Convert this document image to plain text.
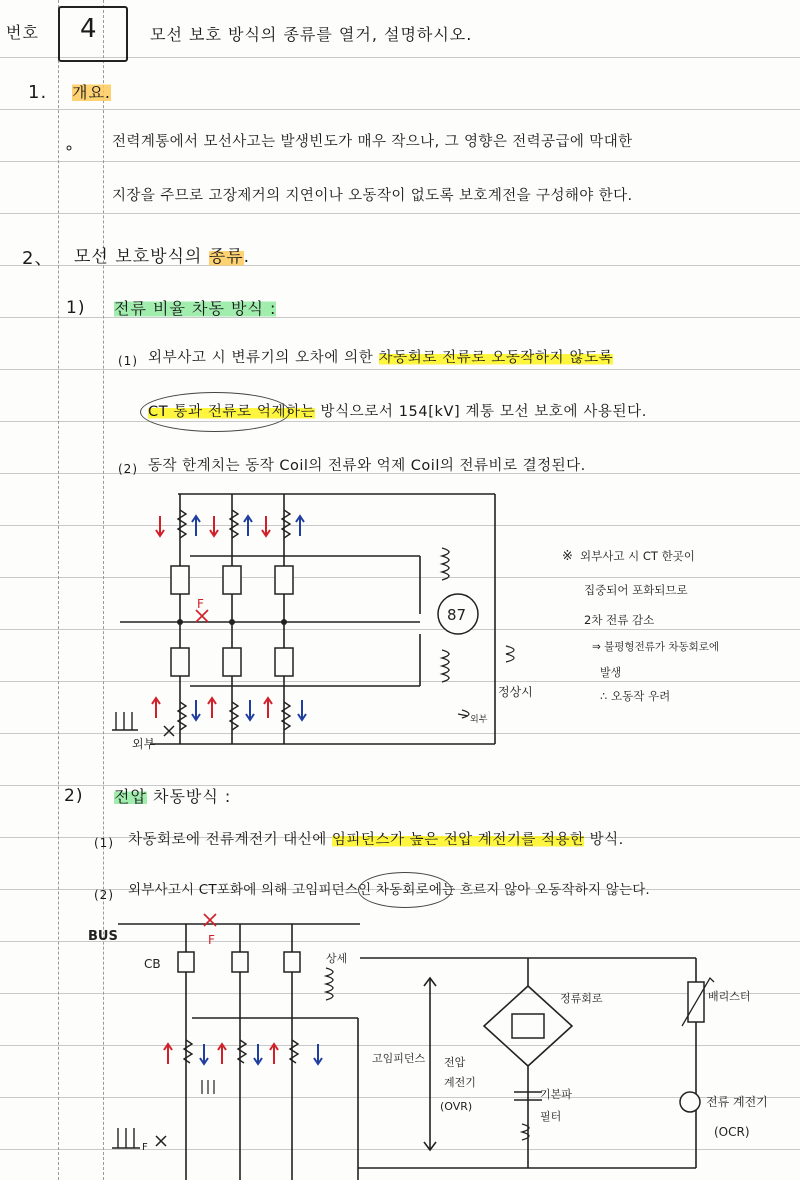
번호 4	모선 보호 방식의 종류를 열거, 설명하시오.
1. 개요.
∘	전력계통에서 모선사고는 발생빈도가 매우 작으나, 그 영향은 전력공급에 막대한
지장을 주므로 고장제거의 지연이나 오동작이 없도록 보호계전을 구성해야 한다.
2、 모선 보호방식의 종류.
1) 전류 비율 차동 방식 :
(1) 외부사고 시 변류기의 오차에 의한 차동회로 전류로 오동작하지 않도록
CT 통과 전류로 억제하는 방식으로서 154[kV] 계통 모선 보호에 사용된다.
(2) 동작 한계치는 동작 Coil의 전류와 억제 Coil의 전류비로 결정된다.
F
87
외부
정상시
외부
※ 외부사고 시 CT 한곳이
집중되어 포화되므로
2차 전류 감소
⇒ 불평형전류가 차동회로에
발생
∴ 오동작 우려
2) 전압 차동방식 :
(1) 차동회로에 전류계전기 대신에 임피던스가 높은 전압 계전기를 적용한 방식.
(2) 외부사고시 CT포화에 의해 고임피던스인 차동회로에는 흐르지 않아 오동작하지 않는다.
F
F
BUS
CB	상세
고임피던스
정류회로
전압
계전기
(OVR)
기본파
필터
배리스터
전류 계전기
(OCR)
